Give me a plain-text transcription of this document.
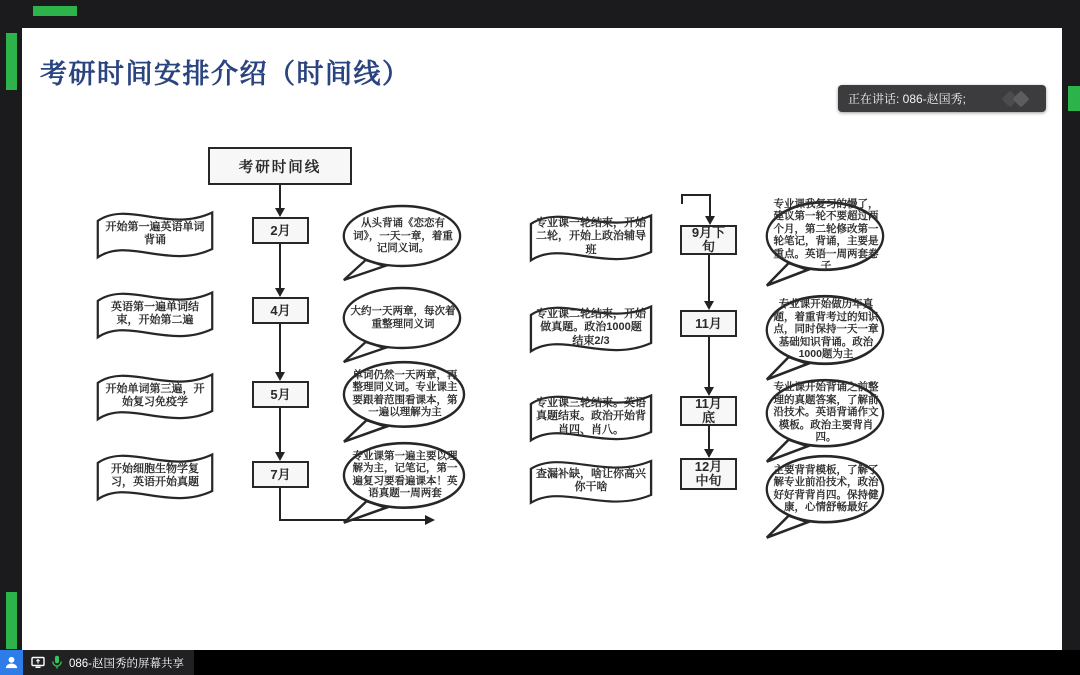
考研时间安排介绍（时间线）
考研时间线
2月
4月
5月
7月
开始第一遍英语单词背诵
英语第一遍单词结束，开始第二遍
开始单词第三遍，开始复习免疫学
开始细胞生物学复习，英语开始真题
从头背诵《恋恋有词》，一天一章，着重记同义词。
大约一天两章，每次着重整理同义词
单词仍然一天两章，再整理同义词。专业课主要跟着范围看课本，第一遍以理解为主
专业课第一遍主要以理解为主，记笔记，第一遍复习要看遍课本！英语真题一周两套
9月下旬
11月
11月底
12月中旬
专业课一轮结束，开始二轮，开始上政治辅导班
专业课二轮结束，开始做真题。政治1000题结束2/3
专业课三轮结束。英语真题结束。政治开始背肖四、肖八。
查漏补缺，啥让你高兴你干啥
专业课我复习的慢了，建议第一轮不要超过两个月，第二轮修改第一轮笔记，背诵，主要是重点。英语一周两套卷子
专业课开始做历年真题，着重背考过的知识点，同时保持一天一章基础知识背诵。政治1000题为主
专业课开始背诵之前整理的真题答案，了解前沿技术。英语背诵作文模板。政治主要背肖四。
主要背背模板，了解了解专业前沿技术，政治好好背背肖四。保持健康，心情舒畅最好
正在讲话: 086-赵国秀;
086-赵国秀的屏幕共享
